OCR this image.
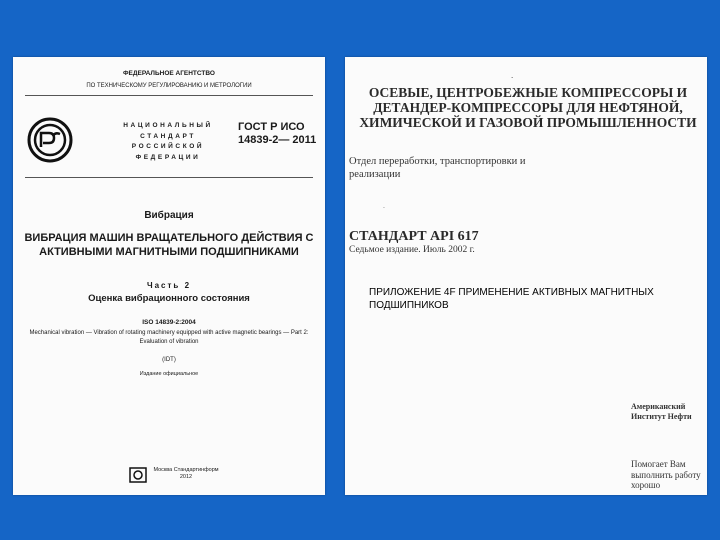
ФЕДЕРАЛЬНОЕ АГЕНТСТВО
ПО ТЕХНИЧЕСКОМУ РЕГУЛИРОВАНИЮ И МЕТРОЛОГИИ
РСТ
НАЦИОНАЛЬНЫЙ СТАНДАРТ РОССИЙСКОЙ ФЕДЕРАЦИИ
ГОСТ Р ИСО 14839-2— 2011
Вибрация
ВИБРАЦИЯ МАШИН ВРАЩАТЕЛЬНОГО ДЕЙСТВИЯ С АКТИВНЫМИ МАГНИТНЫМИ ПОДШИПНИКАМИ
Часть 2
Оценка вибрационного состояния
ISO 14839-2:2004
Mechanical vibration — Vibration of rotating machinery equipped with active magnetic bearings — Part 2: Evaluation of vibration
(IDT)
Издание официальное
Москва Стандартинформ 2012
.
ОСЕВЫЕ, ЦЕНТРОБЕЖНЫЕ КОМПРЕССОРЫ И ДЕТАНДЕР-КОМПРЕССОРЫ ДЛЯ НЕФТЯНОЙ, ХИМИЧЕСКОЙ И ГАЗОВОЙ ПРОМЫШЛЕННОСТИ
Отдел переработки, транспортировки и реализации
.
СТАНДАРТ API 617
Седьмое издание. Июль 2002 г.
ПРИЛОЖЕНИЕ 4F ПРИМЕНЕНИЕ АКТИВНЫХ МАГНИТНЫХ ПОДШИПНИКОВ
Американский Институт Нефти
Помогает Вам выполнить работу хорошо
